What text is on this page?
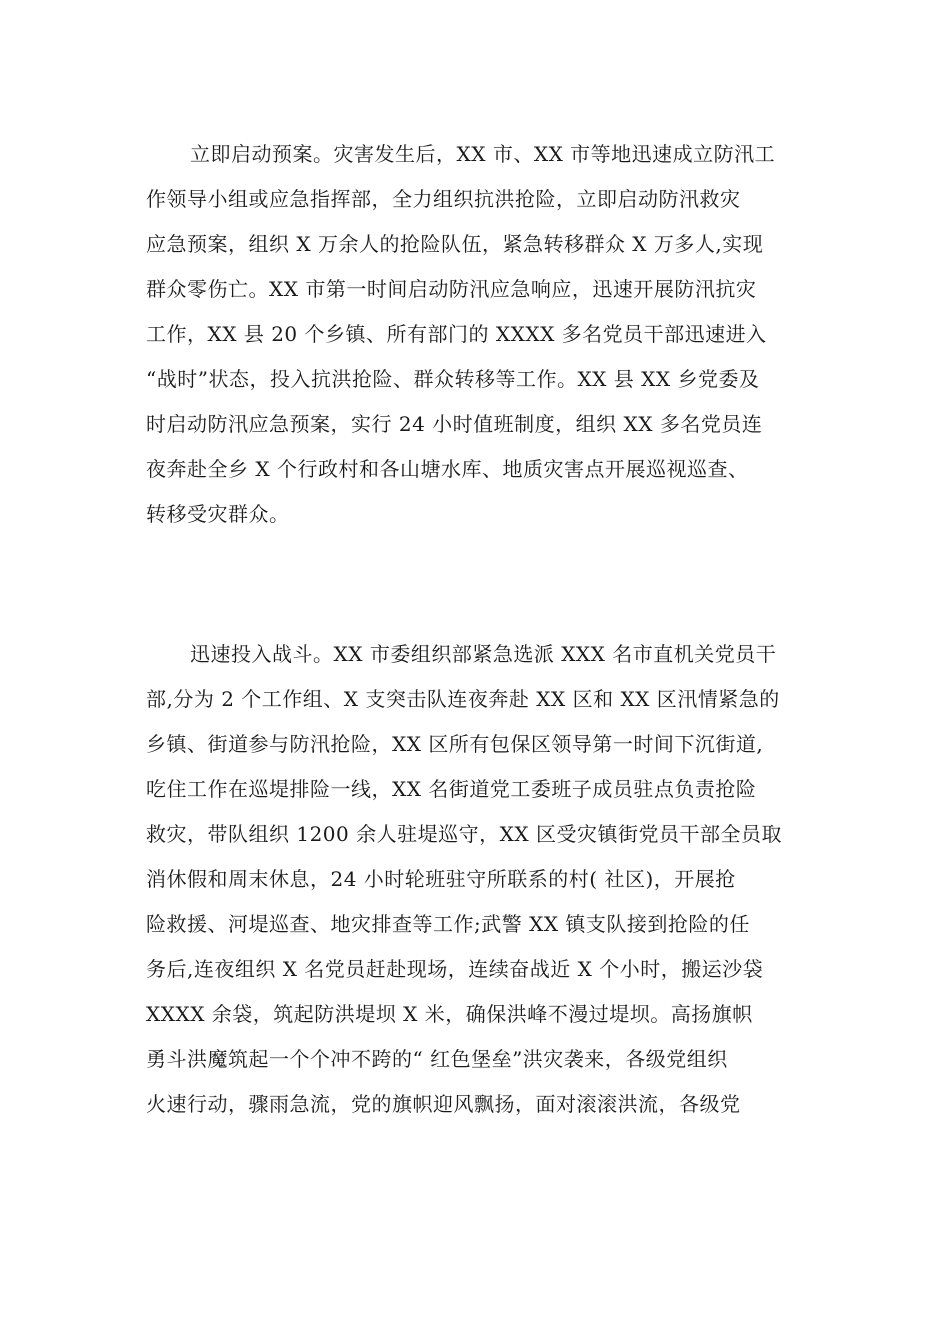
立即启动预案。灾害发生后，XX 市、XX 市等地迅速成立防汛工
作领导小组或应急指挥部，全力组织抗洪抢险，立即启动防汛救灾
应急预案，组织 X 万余人的抢险队伍，紧急转移群众 X 万多人,实现
群众零伤亡。XX 市第一时间启动防汛应急响应，迅速开展防汛抗灾
工作，XX 县 20 个乡镇、所有部门的 XXXX 多名党员干部迅速进入
“战时”状态，投入抗洪抢险、群众转移等工作。XX 县 XX 乡党委及
时启动防汛应急预案，实行 24 小时值班制度，组织 XX 多名党员连
夜奔赴全乡 X 个行政村和各山塘水库、地质灾害点开展巡视巡查、
转移受灾群众。
迅速投入战斗。XX 市委组织部紧急选派 XXX 名市直机关党员干
部,分为 2 个工作组、X 支突击队连夜奔赴 XX 区和 XX 区汛情紧急的
乡镇、街道参与防汛抢险，XX 区所有包保区领导第一时间下沉街道,
吃住工作在巡堤排险一线，XX 名街道党工委班子成员驻点负责抢险
救灾，带队组织 1200 余人驻堤巡守，XX 区受灾镇街党员干部全员取
消休假和周末休息，24 小时轮班驻守所联系的村( 社区)，开展抢
险救援、河堤巡查、地灾排查等工作;武警 XX 镇支队接到抢险的任
务后,连夜组织 X 名党员赶赴现场，连续奋战近 X 个小时，搬运沙袋
XXXX 余袋，筑起防洪堤坝 X 米，确保洪峰不漫过堤坝。高扬旗帜
勇斗洪魔筑起一个个冲不跨的“ 红色堡垒”洪灾袭来，各级党组织
火速行动，骤雨急流，党的旗帜迎风飘扬，面对滚滚洪流，各级党
